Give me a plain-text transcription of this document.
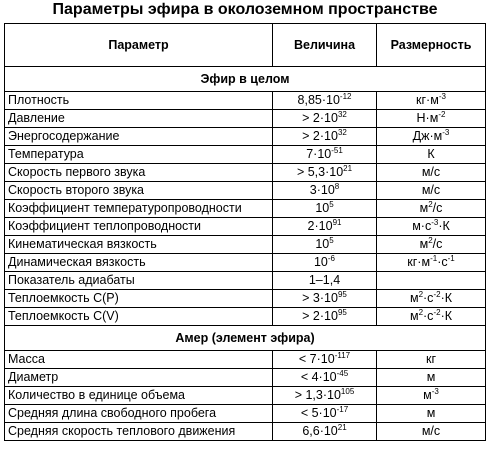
Параметры эфира в околоземном пространстве
Параметр	Величина	Размерность
Эфир в целом		
Плотность	$8,85\cdot 10^{-12}$	$кг\cdot м^{-3}$
Давление	> $2\cdot 10^{32}$	$Н\cdot м^{-2}$
Энергосодержание	> $2\cdot 10^{32}$	$Дж\cdot м^{-3}$
Температура	$7\cdot 10^{-51}$	К
Скорость первого звука	> $5,3\cdot 10^{21}$	м/с
Скорость второго звука	$3\cdot 10^8$	м/с
Коэффициент температуропроводности	$10^5$	$м^2/с$
Коэффициент теплопроводности	$2\cdot 10^{91}$	$м\cdot с^{-3}\cdot К$
Кинематическая вязкость	$10^5$	$м^2/с$
Динамическая вязкость	$10^{-6}$	$кг\cdot м^{-1}\cdot с^{-1}$
Показатель адиабаты	1–1,4	
Теплоемкость С(Р)	> $3\cdot 10^{95}$	$м^2\cdot с^{-2}\cdot К$
Теплоемкость С(V)	> $2\cdot 10^{95}$	$м^2\cdot с^{-2}\cdot К$
Амер (элемент эфира)		
Масса	< $7\cdot 10^{-117}$	кг
Диаметр	< $4\cdot 10^{-45}$	м
Количество в единице объема	> $1,3\cdot 10^{105}$	$м^{-3}$
Средняя длина свободного пробега	< $5\cdot 10^{-17}$	м
Средняя скорость теплового движения	$6,6\cdot 10^{21}$	м/с
